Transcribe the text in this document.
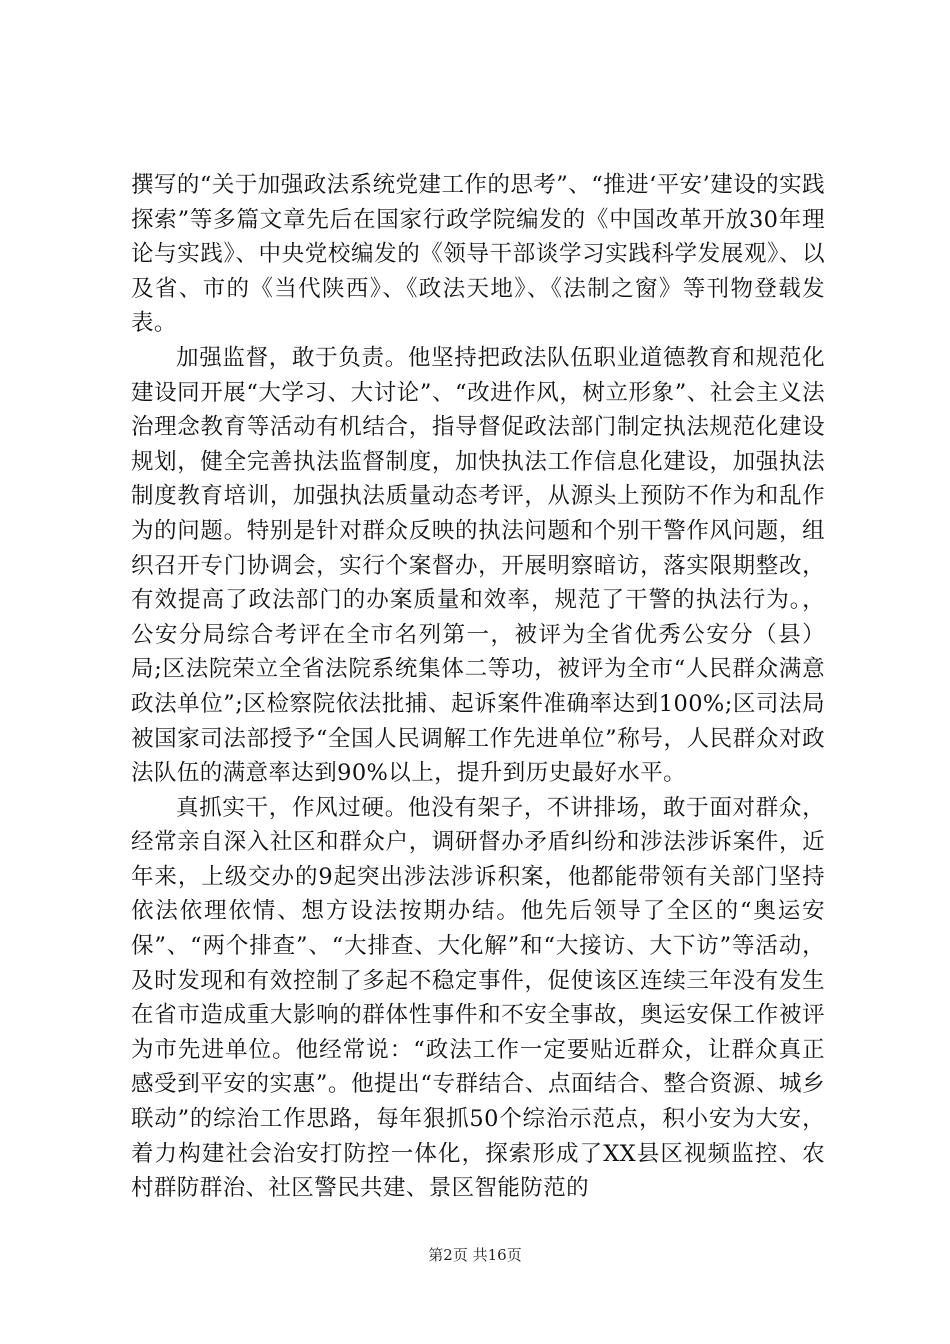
撰写的“关于加强政法系统党建工作的思考”、“推进‘平安’建设的实践探索”等多篇文章先后在国家行政学院编发的《中国改革开放30年理论与实践》、中央党校编发的《领导干部谈学习实践科学发展观》、以及省、市的《当代陕西》、《政法天地》、《法制之窗》等刊物登载发表。

加强监督，敢于负责。他坚持把政法队伍职业道德教育和规范化建设同开展“大学习、大讨论”、“改进作风，树立形象”、社会主义法治理念教育等活动有机结合，指导督促政法部门制定执法规范化建设规划，健全完善执法监督制度，加快执法工作信息化建设，加强执法制度教育培训，加强执法质量动态考评，从源头上预防不作为和乱作为的问题。特别是针对群众反映的执法问题和个别干警作风问题，组织召开专门协调会，实行个案督办，开展明察暗访，落实限期整改，有效提高了政法部门的办案质量和效率，规范了干警的执法行为。，公安分局综合考评在全市名列第一，被评为全省优秀公安分（县）局;区法院荣立全省法院系统集体二等功，被评为全市“人民群众满意政法单位”;区检察院依法批捕、起诉案件准确率达到100%;区司法局被国家司法部授予“全国人民调解工作先进单位”称号，人民群众对政法队伍的满意率达到90%以上，提升到历史最好水平。

真抓实干，作风过硬。他没有架子，不讲排场，敢于面对群众，经常亲自深入社区和群众户，调研督办矛盾纠纷和涉法涉诉案件，近年来，上级交办的9起突出涉法涉诉积案，他都能带领有关部门坚持依法依理依情、想方设法按期办结。他先后领导了全区的“奥运安保”、“两个排查”、“大排查、大化解”和“大接访、大下访”等活动，及时发现和有效控制了多起不稳定事件，促使该区连续三年没有发生在省市造成重大影响的群体性事件和不安全事故，奥运安保工作被评为市先进单位。他经常说：“政法工作一定要贴近群众，让群众真正感受到平安的实惠”。他提出“专群结合、点面结合、整合资源、城乡联动”的综治工作思路，每年狠抓50个综治示范点，积小安为大安，着力构建社会治安打防控一体化，探索形成了XX县区视频监控、农村群防群治、社区警民共建、景区智能防范的

第2页 共16页
